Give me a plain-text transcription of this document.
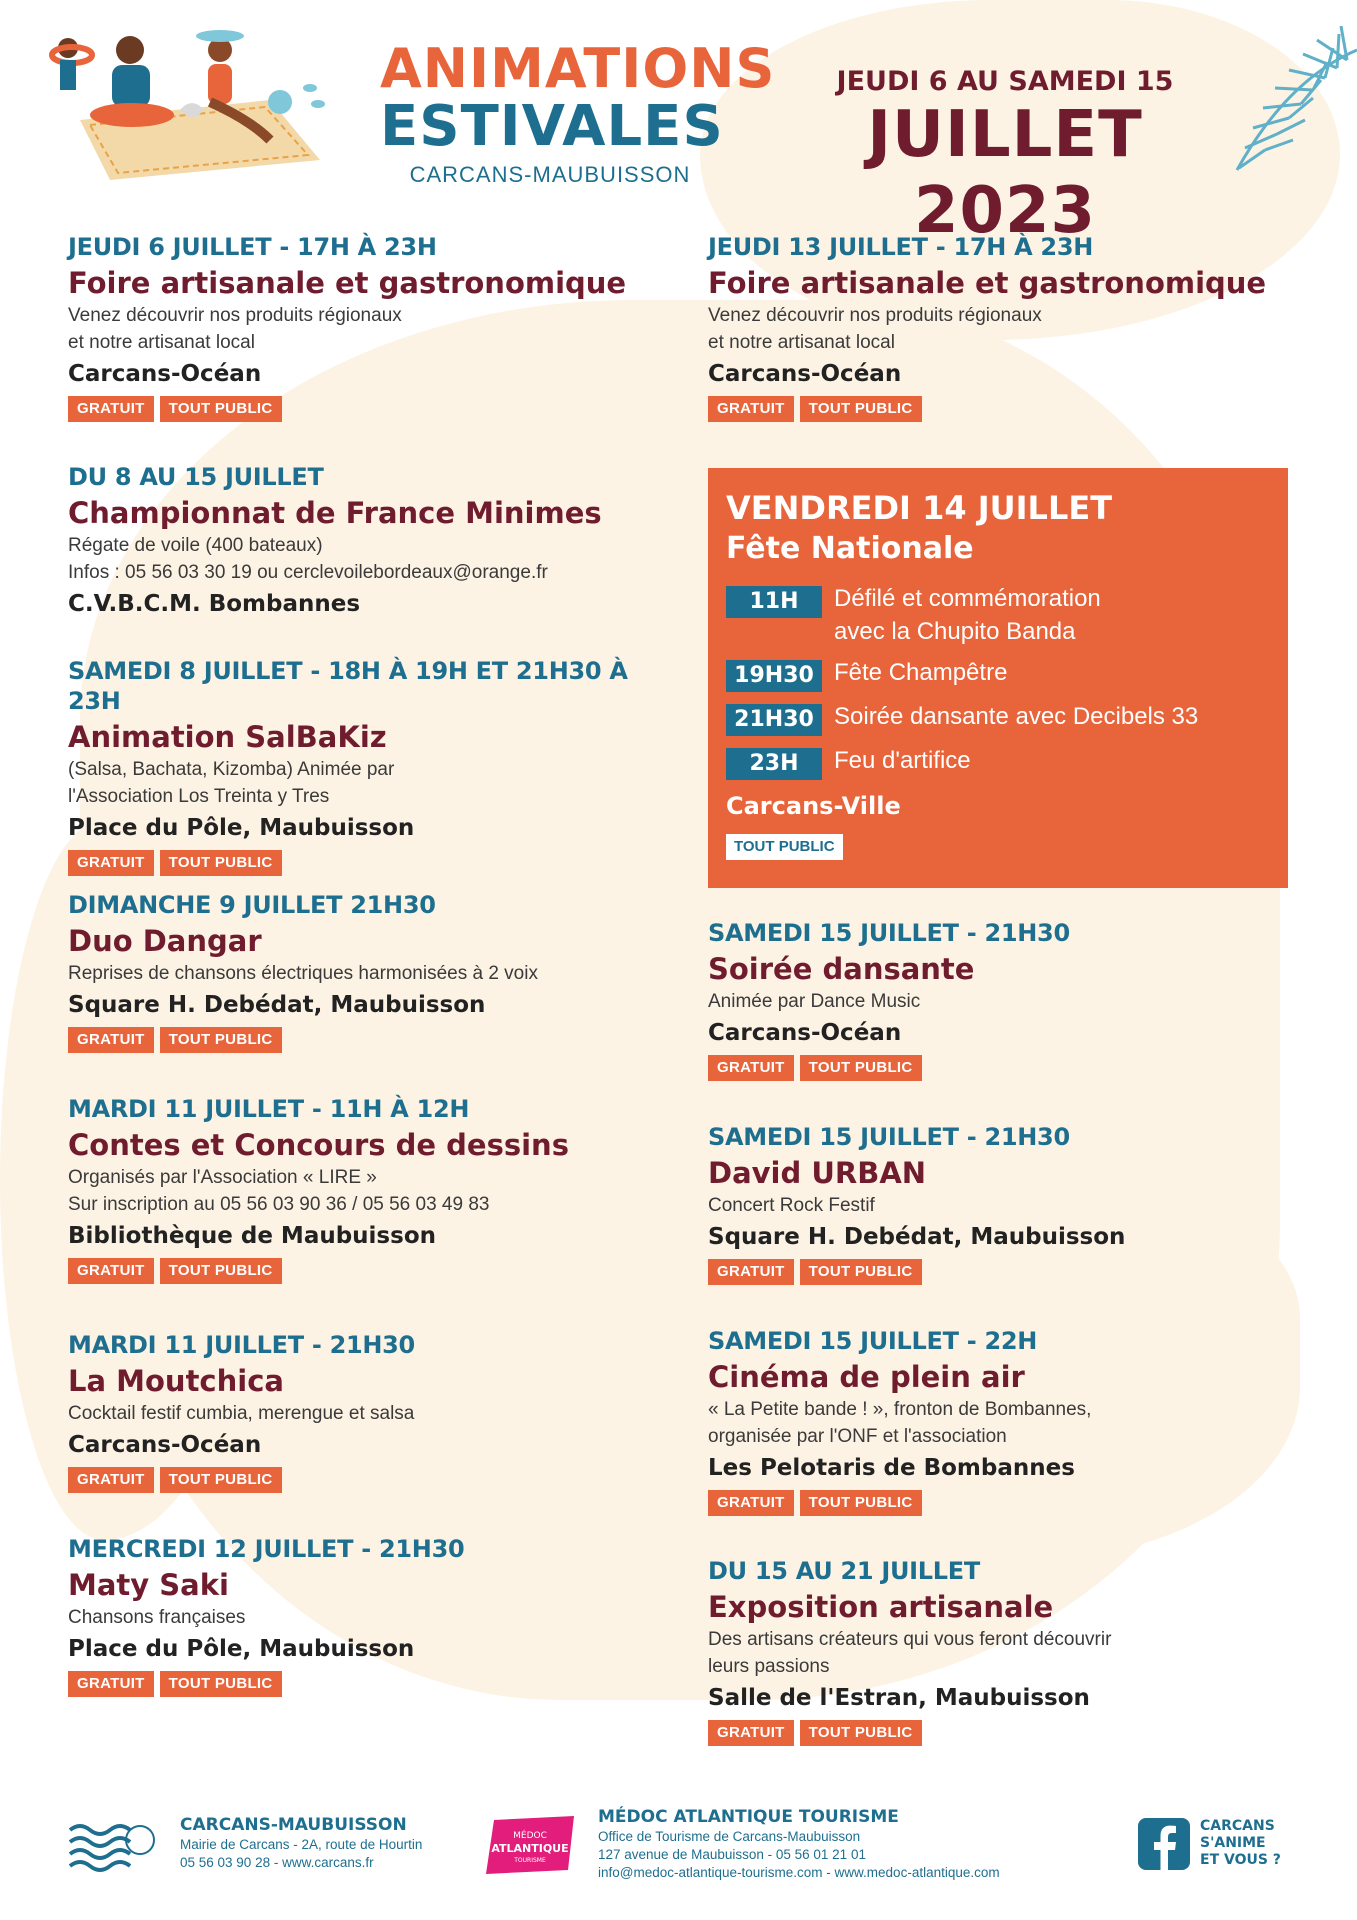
ANIMATIONS
ESTIVALES
CARCANS-MAUBUISSON
JEUDI 6 AU SAMEDI 15
JUILLET 2023
JEUDI 6 JUILLET - 17H À 23H
Foire artisanale et gastronomique
Venez découvrir nos produits régionaux
et notre artisanat local
Carcans-Océan
GRATUIT	TOUT PUBLIC
DU 8 AU 15 JUILLET
Championnat de France Minimes
Régate de voile (400 bateaux)
Infos : 05 56 03 30 19 ou cerclevoilebordeaux@orange.fr
C.V.B.C.M. Bombannes
SAMEDI 8 JUILLET - 18H À 19H ET 21H30 À 23H
Animation SalBaKiz
(Salsa, Bachata, Kizomba) Animée par
l'Association Los Treinta y Tres
Place du Pôle, Maubuisson
GRATUIT	TOUT PUBLIC
DIMANCHE 9 JUILLET 21H30
Duo Dangar
Reprises de chansons électriques harmonisées à 2 voix
Square H. Debédat, Maubuisson
GRATUIT	TOUT PUBLIC
MARDI 11 JUILLET - 11H À 12H
Contes et Concours de dessins
Organisés par l'Association « LIRE »
Sur inscription au 05 56 03 90 36 / 05 56 03 49 83
Bibliothèque de Maubuisson
GRATUIT	TOUT PUBLIC
MARDI 11 JUILLET - 21H30
La Moutchica
Cocktail festif cumbia, merengue et salsa
Carcans-Océan
GRATUIT	TOUT PUBLIC
MERCREDI 12 JUILLET - 21H30
Maty Saki
Chansons françaises
Place du Pôle, Maubuisson
GRATUIT	TOUT PUBLIC
JEUDI 13 JUILLET - 17H À 23H
Foire artisanale et gastronomique
Venez découvrir nos produits régionaux
et notre artisanat local
Carcans-Océan
GRATUIT	TOUT PUBLIC
VENDREDI 14 JUILLET
Fête Nationale
11H	Défilé et commémoration
avec la Chupito Banda
19H30 Fête Champêtre
21H30 Soirée dansante avec Decibels 33
23H	Feu d'artifice
Carcans-Ville
TOUT PUBLIC
SAMEDI 15 JUILLET - 21H30
Soirée dansante
Animée par Dance Music
Carcans-Océan
GRATUIT	TOUT PUBLIC
SAMEDI 15 JUILLET - 21H30
David URBAN
Concert Rock Festif
Square H. Debédat, Maubuisson
GRATUIT	TOUT PUBLIC
SAMEDI 15 JUILLET - 22H
Cinéma de plein air
« La Petite bande ! », fronton de Bombannes,
organisée par l'ONF et l'association
Les Pelotaris de Bombannes
GRATUIT	TOUT PUBLIC
DU 15 AU 21 JUILLET
Exposition artisanale
Des artisans créateurs qui vous feront découvrir
leurs passions
Salle de l'Estran, Maubuisson
GRATUIT	TOUT PUBLIC
CARCANS-MAUBUISSON
Mairie de Carcans - 2A, route de Hourtin
05 56 03 90 28 - www.carcans.fr
MÉDOC
ATLANTIQUE
TOURISME
MÉDOC ATLANTIQUE TOURISME
Office de Tourisme de Carcans-Maubuisson
127 avenue de Maubuisson - 05 56 01 21 01
info@medoc-atlantique-tourisme.com - www.medoc-atlantique.com
CARCANS
S'ANIME
ET VOUS ?
